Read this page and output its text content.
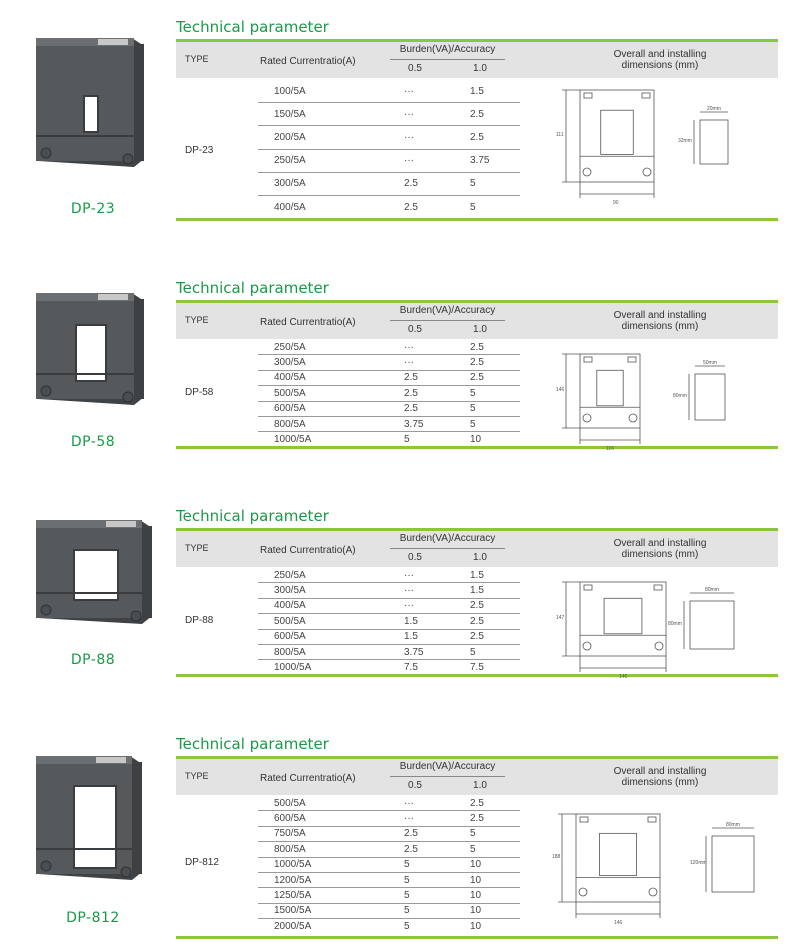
DP-23
Technical parameter
TYPE	Rated Currentratio(A)
Burden(VA)/Accuracy
0.5	1.0
Overall and installing
dimensions (mm)
DP-23
100/5A	···	1.5
150/5A	···	2.5
200/5A	···	2.5
250/5A	···	3.75
300/5A	2.5	5
400/5A	2.5	5
111
90
20mm
32mm
DP-58
Technical parameter
TYPE	Rated Currentratio(A)
Burden(VA)/Accuracy
0.5	1.0
Overall and installing
dimensions (mm)
DP-58
250/5A	···	2.5
300/5A	···	2.5
400/5A	2.5	2.5
500/5A	2.5	5
600/5A	2.5	5
800/5A	3.75	5
1000/5A	5	10
146
116
50mm
80mm
DP-88
Technical parameter
TYPE	Rated Currentratio(A)
Burden(VA)/Accuracy
0.5	1.0
Overall and installing
dimensions (mm)
DP-88
250/5A	···	1.5
300/5A	···	1.5
400/5A	···	2.5
500/5A	1.5	2.5
600/5A	1.5	2.5
800/5A	3.75	5
1000/5A	7.5	7.5
147
146
80mm
80mm
DP-812
Technical parameter
TYPE	Rated Currentratio(A)
Burden(VA)/Accuracy
0.5	1.0
Overall and installing
dimensions (mm)
DP-812
500/5A	···	2.5
600/5A	···	2.5
750/5A	2.5	5
800/5A	2.5	5
1000/5A	5	10
1200/5A	5	10
1250/5A	5	10
1500/5A	5	10
2000/5A	5	10
188
146
80mm
120mm
